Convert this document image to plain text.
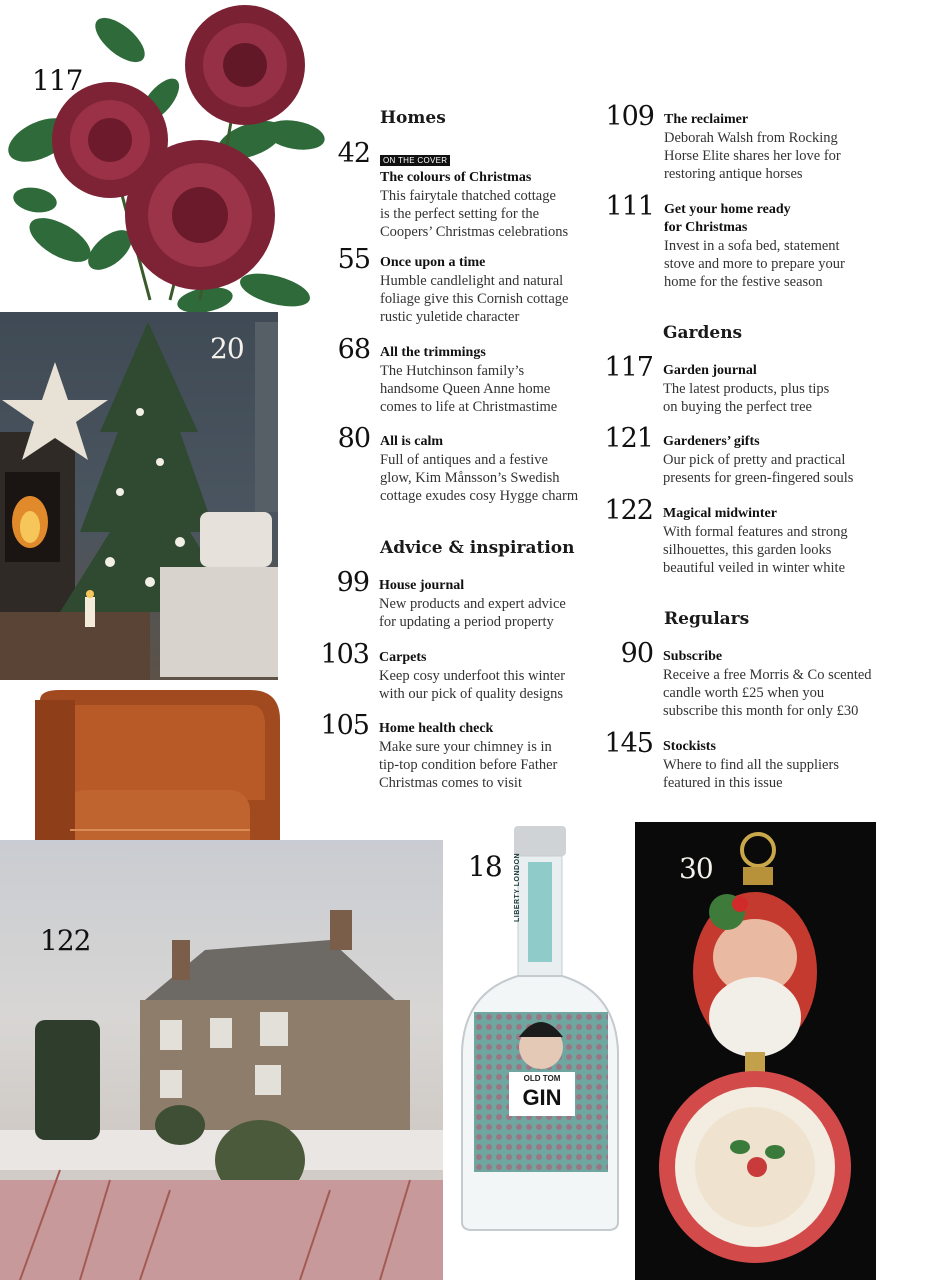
117
20
122
LIBERTY LONDON
OLD TOM
GIN
18	30
Homes
42 ON THE COVER
The colours of Christmas
This fairytale thatched cottage
is the perfect setting for the
Coopers’ Christmas celebrations
55 Once upon a time
Humble candlelight and natural
foliage give this Cornish cottage
rustic yuletide character
68 All the trimmings
The Hutchinson family’s
handsome Queen Anne home
comes to life at Christmastime
80 All is calm
Full of antiques and a festive
glow, Kim Månsson’s Swedish
cottage exudes cosy Hygge charm
Advice & inspiration
99 House journal
New products and expert advice
for updating a period property
103 Carpets
Keep cosy underfoot this winter
with our pick of quality designs
105 Home health check
Make sure your chimney is in
tip-top condition before Father
Christmas comes to visit
109 The reclaimer
Deborah Walsh from Rocking
Horse Elite shares her love for
restoring antique horses
111 Get your home ready
for Christmas
Invest in a sofa bed, statement
stove and more to prepare your
home for the festive season
Gardens
117 Garden journal
The latest products, plus tips
on buying the perfect tree
121 Gardeners’ gifts
Our pick of pretty and practical
presents for green-fingered souls
122 Magical midwinter
With formal features and strong
silhouettes, this garden looks
beautiful veiled in winter white
Regulars
90 Subscribe
Receive a free Morris & Co scented
candle worth £25 when you
subscribe this month for only £30
145 Stockists
Where to find all the suppliers
featured in this issue
